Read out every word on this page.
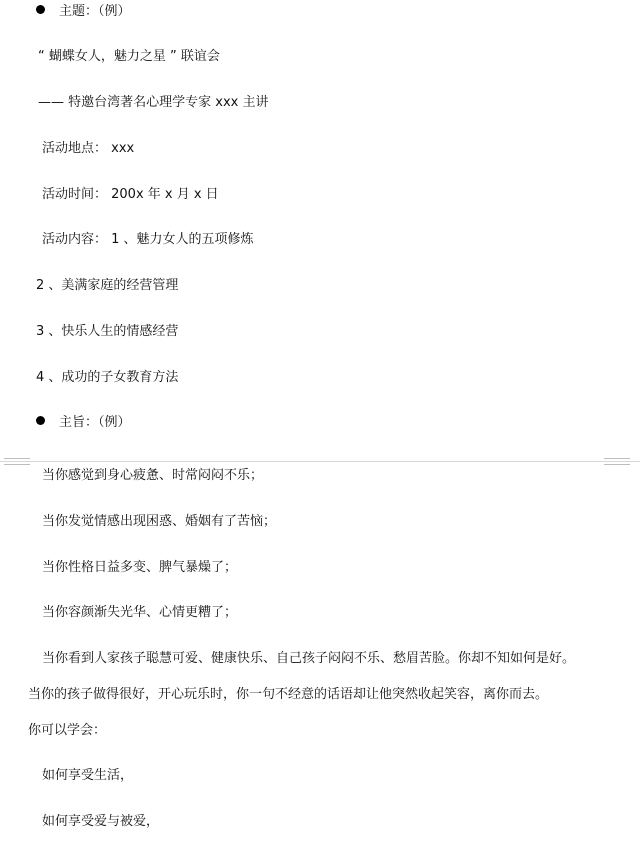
主题：（例）
“ 蝴蝶女人，魅力之星 ” 联谊会
—— 特邀台湾著名心理学专家 xxx 主讲
活动地点： xxx
活动时间： 200x 年 x 月 x 日
活动内容： 1 、魅力女人的五项修炼
2 、美满家庭的经营管理
3 、快乐人生的情感经营
4 、成功的子女教育方法
主旨：（例）
当你感觉到身心疲惫、时常闷闷不乐；
当你发觉情感出现困惑、婚姻有了苦恼；
当你性格日益多变、脾气暴燥了；
当你容颜渐失光华、心情更糟了；
当你看到人家孩子聪慧可爱、健康快乐、自己孩子闷闷不乐、愁眉苦脸。你却不知如何是好。
当你的孩子做得很好，开心玩乐时，你一句不经意的话语却让他突然收起笑容，离你而去。
你可以学会：
如何享受生活，
如何享受爱与被爱，
